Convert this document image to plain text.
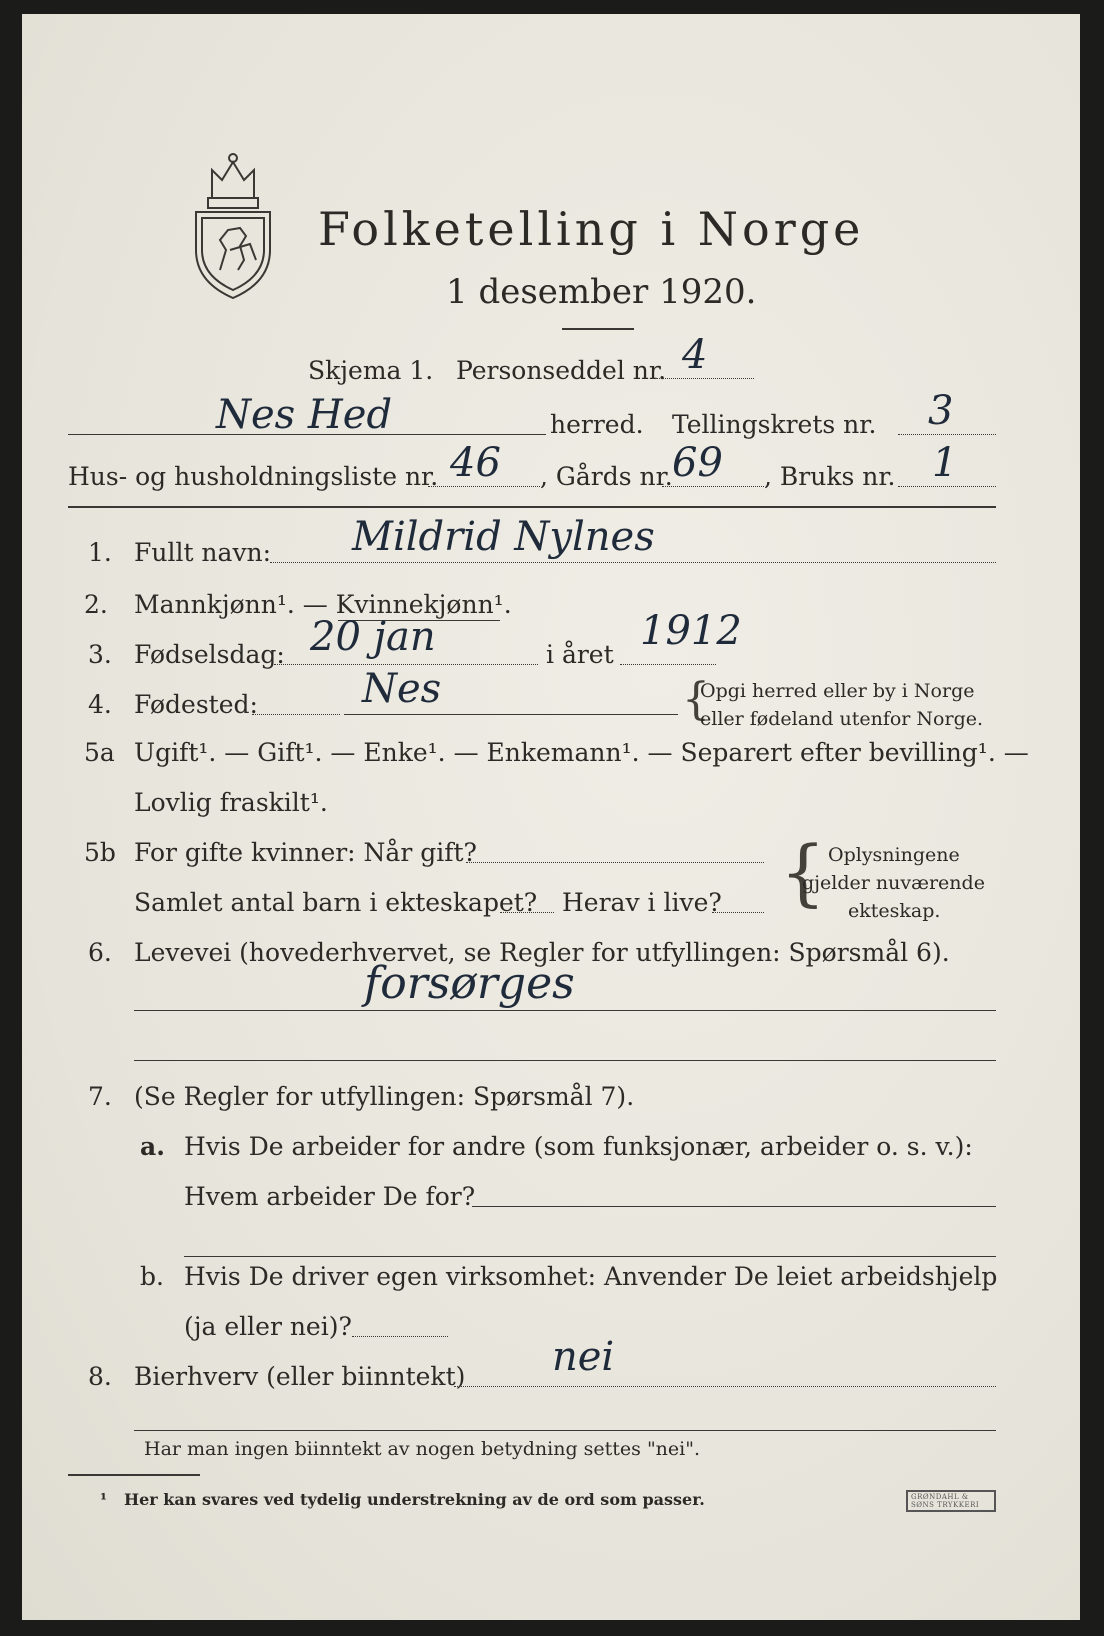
Folketelling i Norge
1 desember 1920.
Skjema 1. Personseddel nr. 4
Nes Hed	herred. Tellingskrets nr. 3
Hus- og husholdningsliste nr. 46 , Gårds nr. 69 , Bruks nr. 1
1. Fullt navn: Mildrid Nylnes
2. Mannkjønn¹. — Kvinnekjønn¹.
3. Fødselsdag: 20 jan	i året
1912
4. Fødested:	Nes	{
Opgi herred eller by i Norge
eller fødeland utenfor Norge.
5a Ugift¹. — Gift¹. — Enke¹. — Enkemann¹. — Separert efter bevilling¹. —
Lovlig fraskilt¹.
5b For gifte kvinner: Når gift?
Samlet antal barn i ekteskapet? Herav i live? { Oplysningene
gjelder nuværende
ekteskap.
6. Levevei (hovederhvervet, se Regler for utfyllingen: Spørsmål 6).
forsørges
7. (Se Regler for utfyllingen: Spørsmål 7).
a. Hvis De arbeider for andre (som funksjonær, arbeider o. s. v.):
Hvem arbeider De for?
b. Hvis De driver egen virksomhet: Anvender De leiet arbeidshjelp
(ja eller nei)?
8. Bierhverv (eller biinntekt) nei
Har man ingen biinntekt av nogen betydning settes "nei".
¹ Her kan svares ved tydelig understrekning av de ord som passer.	GRØNDAHL & SØNS TRYKKERI
